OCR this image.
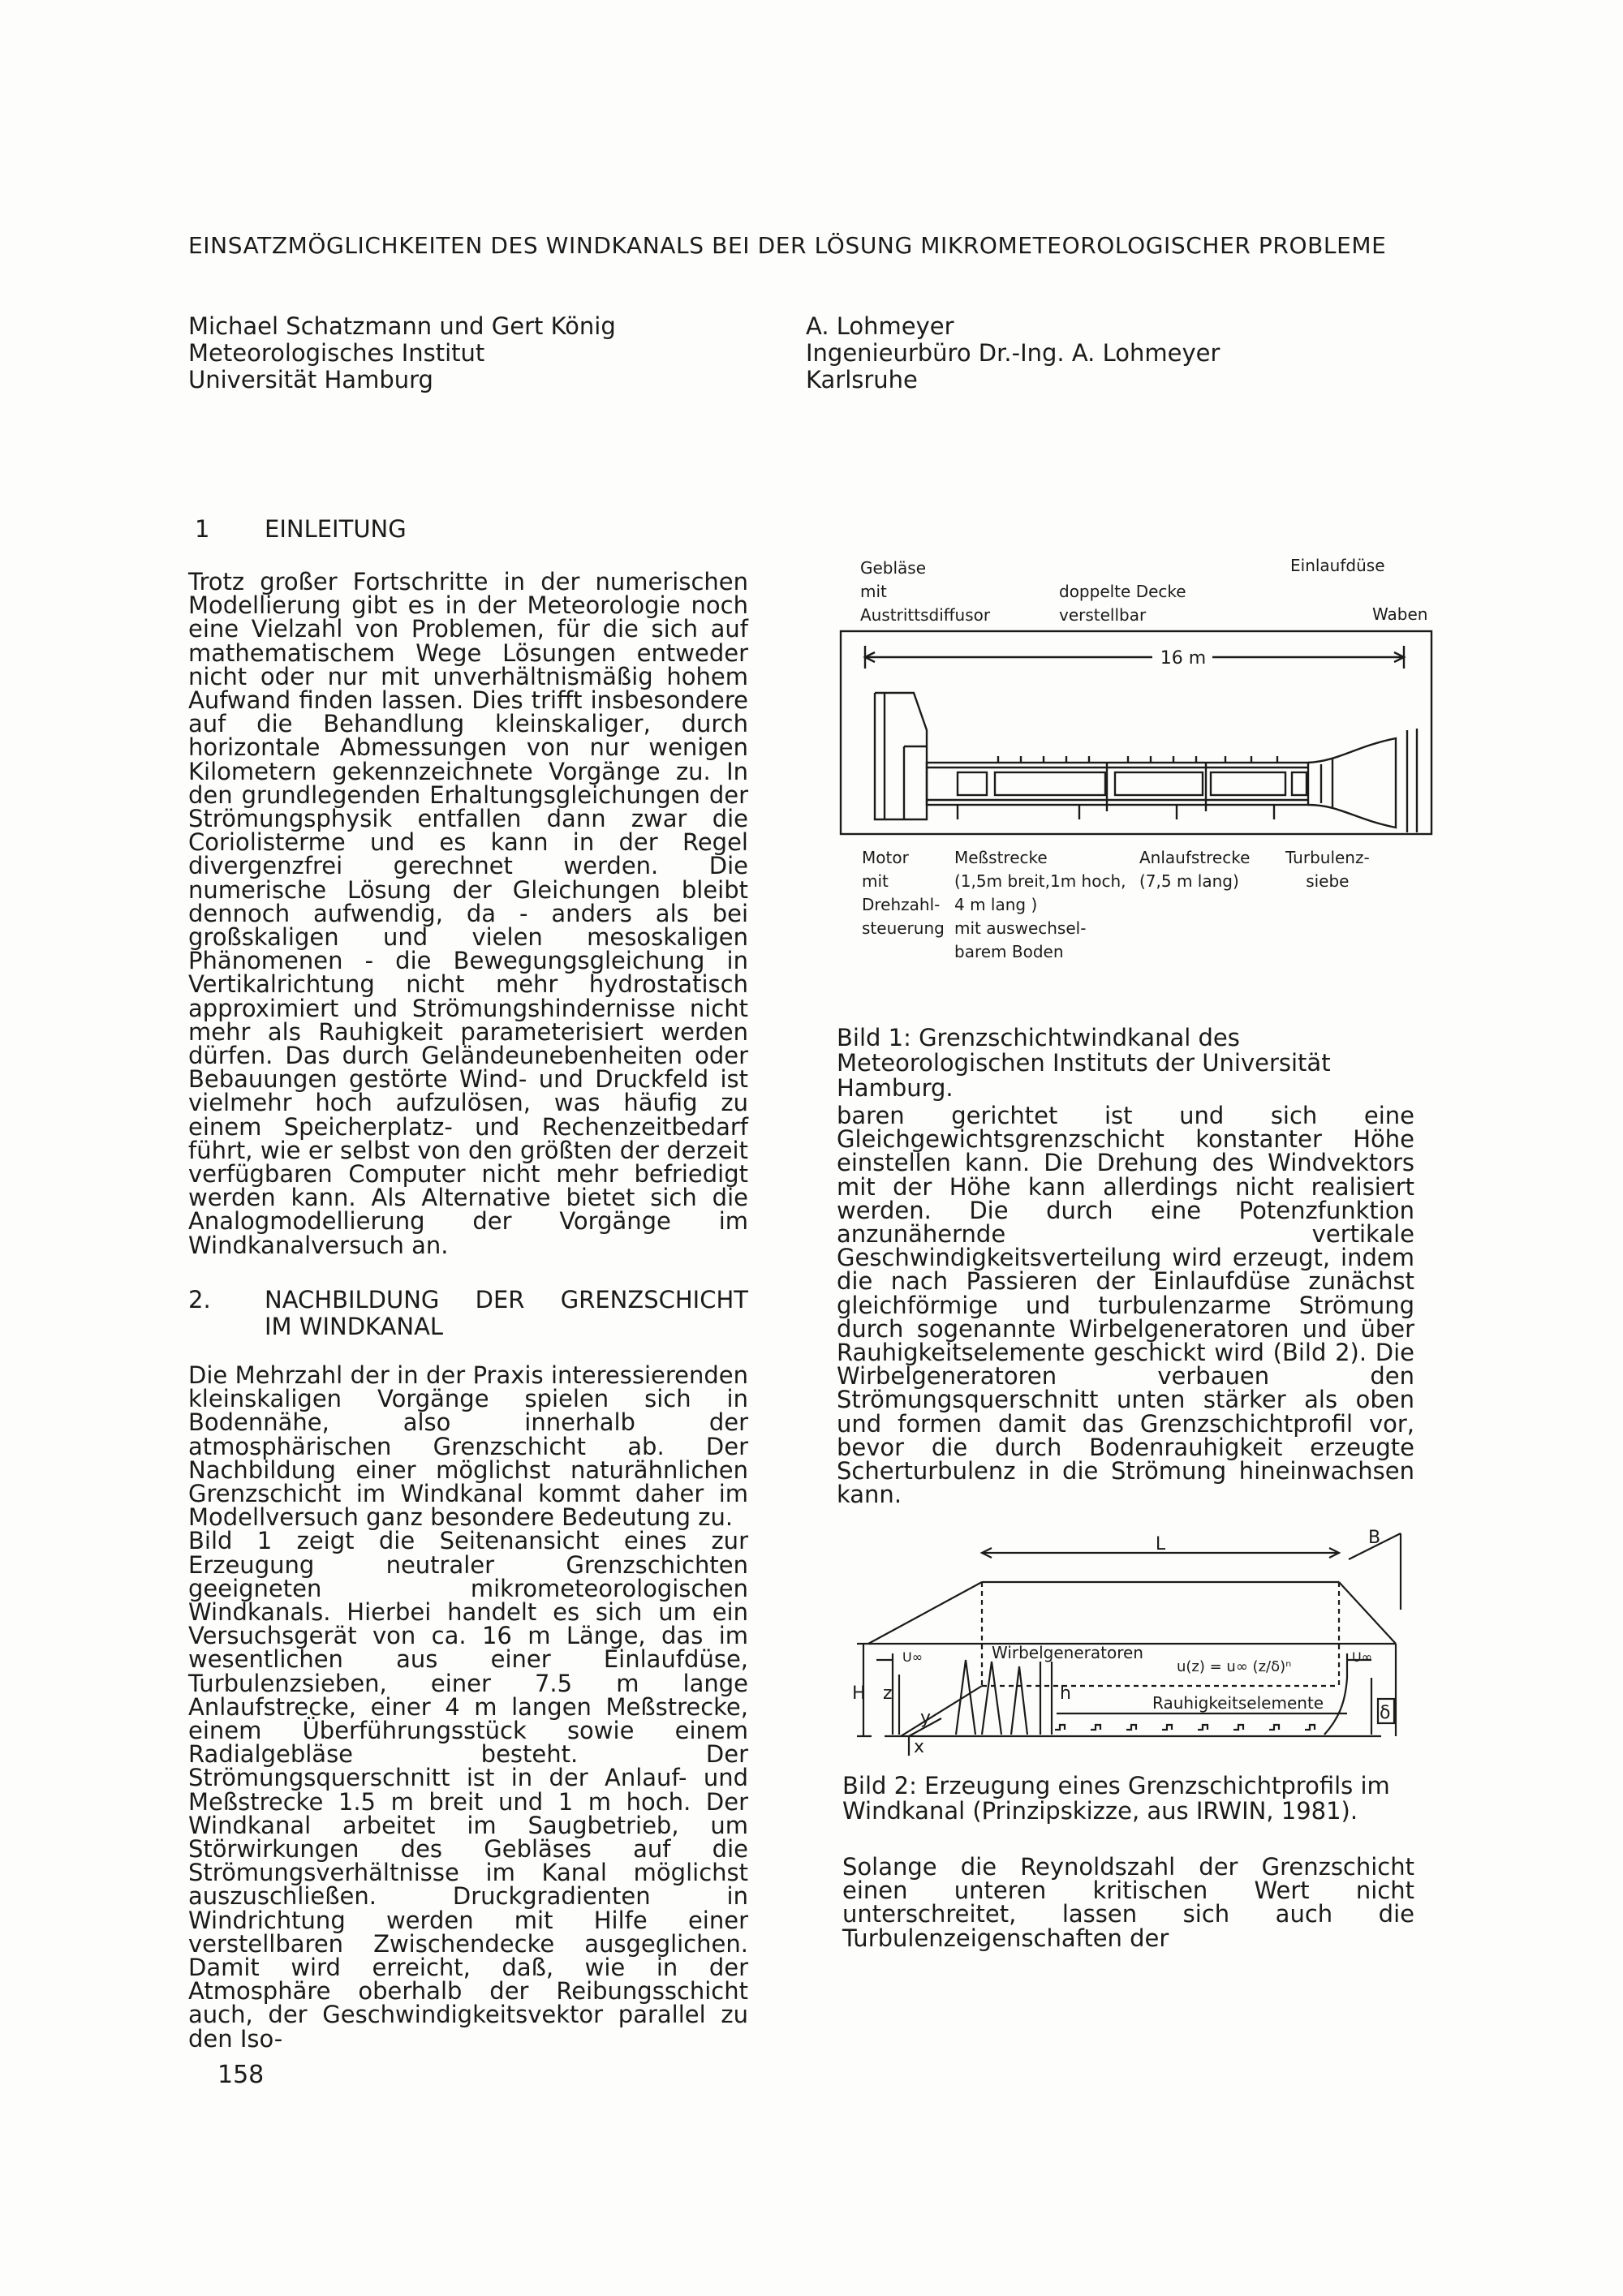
EINSATZMÖGLICHKEITEN DES WINDKANALS BEI DER LÖSUNG MIKROMETEOROLOGISCHER PROBLEME
Michael Schatzmann und Gert König
Meteorologisches Institut
Universität Hamburg
A. Lohmeyer
Ingenieurbüro Dr.-Ing. A. Lohmeyer
Karlsruhe
1 EINLEITUNG

Trotz großer Fortschritte in der numerischen Modellierung gibt es in der Meteorologie noch eine Vielzahl von Problemen, für die sich auf mathematischem Wege Lösungen entweder nicht oder nur mit unverhältnismäßig hohem Aufwand finden lassen. Dies trifft insbesondere auf die Behandlung kleinskaliger, durch horizontale Abmessungen von nur wenigen Kilometern gekennzeichnete Vorgänge zu. In den grundlegenden Erhaltungsgleichungen der Strömungsphysik entfallen dann zwar die Coriolisterme und es kann in der Regel divergenzfrei gerechnet werden. Die numerische Lösung der Gleichungen bleibt dennoch aufwendig, da - anders als bei großskaligen und vielen mesoskaligen Phänomenen - die Bewegungsgleichung in Vertikalrichtung nicht mehr hydrostatisch approximiert und Strömungshindernisse nicht mehr als Rauhigkeit parameterisiert werden dürfen. Das durch Geländeunebenheiten oder Bebauungen gestörte Wind- und Druckfeld ist vielmehr hoch aufzulösen, was häufig zu einem Speicherplatz- und Rechenzeitbedarf führt, wie er selbst von den größten der derzeit verfügbaren Computer nicht mehr befriedigt werden kann. Als Alternative bietet sich die Analogmodellierung der Vorgänge im Windkanalversuch an.

2. NACHBILDUNG DER GRENZSCHICHT
IM WINDKANAL

Die Mehrzahl der in der Praxis interessierenden kleinskaligen Vorgänge spielen sich in Bodennähe, also innerhalb der atmosphärischen Grenzschicht ab. Der Nachbildung einer möglichst naturähnlichen Grenzschicht im Windkanal kommt daher im Modellversuch ganz besondere Bedeutung zu.

Bild 1 zeigt die Seitenansicht eines zur Erzeugung neutraler Grenzschichten geeigneten mikrometeorologischen Windkanals. Hierbei handelt es sich um ein Versuchsgerät von ca. 16 m Länge, das im wesentlichen aus einer Einlaufdüse, Turbulenzsieben, einer 7.5 m lange Anlaufstrecke, einer 4 m langen Meßstrecke, einem Überführungsstück sowie einem Radialgebläse besteht. Der Strömungsquerschnitt ist in der Anlauf- und Meßstrecke 1.5 m breit und 1 m hoch. Der Windkanal arbeitet im Saugbetrieb, um Störwirkungen des Gebläses auf die Strömungsverhältnisse im Kanal möglichst auszuschließen. Druckgradienten in Windrichtung werden mit Hilfe einer verstellbaren Zwischendecke ausgeglichen. Damit wird erreicht, daß, wie in der Atmosphäre oberhalb der Reibungsschicht auch, der Geschwindigkeitsvektor parallel zu den Iso-

Gebläse
mit
Austrittsdiffusor
doppelte Decke
verstellbar
Einlaufdüse
Waben
16 m
Motor
mit
Drehzahl-
steuerung
Meßstrecke
(1,5m breit,1m hoch,
4 m lang )
mit auswechsel-
barem Boden
Anlaufstrecke
(7,5 m lang)
Turbulenz-
siebe
Bild 1: Grenzschichtwindkanal des Meteorologischen Instituts der Universität Hamburg.

baren gerichtet ist und sich eine Gleichgewichtsgrenzschicht konstanter Höhe einstellen kann. Die Drehung des Windvektors mit der Höhe kann allerdings nicht realisiert werden. Die durch eine Potenzfunktion anzunähernde vertikale Geschwindigkeitsverteilung wird erzeugt, indem die nach Passieren der Einlaufdüse zunächst gleichförmige und turbulenzarme Strömung durch sogenannte Wirbelgeneratoren und über Rauhigkeitselemente geschickt wird (Bild 2). Die Wirbelgeneratoren verbauen den Strömungsquerschnitt unten stärker als oben und formen damit das Grenzschichtprofil vor, bevor die durch Bodenrauhigkeit erzeugte Scherturbulenz in die Strömung hineinwachsen kann.

L	B
H z
y
x
U∞	U∞
Wirbelgeneratoren
u(z) = u∞ (z/δ)ⁿ
h	Rauhigkeitselemente	δ
Bild 2: Erzeugung eines Grenzschichtprofils im Windkanal (Prinzipskizze, aus IRWIN, 1981).

Solange die Reynoldszahl der Grenzschicht einen unteren kritischen Wert nicht unterschreitet, lassen sich auch die Turbulenzeigenschaften der

158
